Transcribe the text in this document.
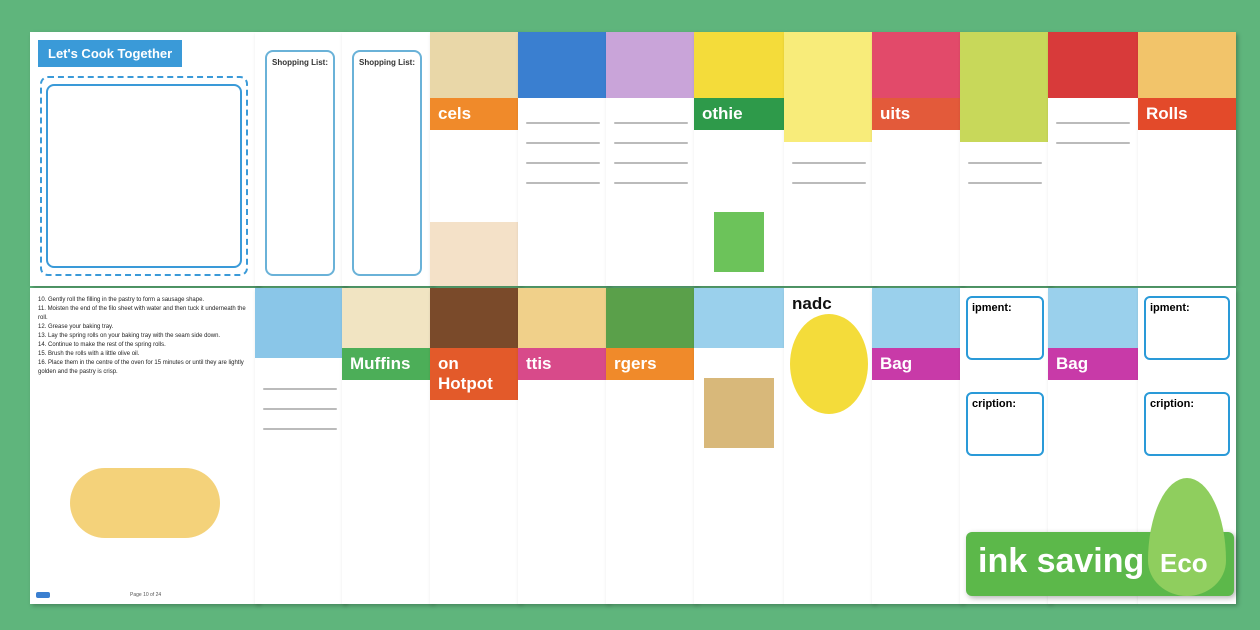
Let's Cook Together
Shopping List:	Shopping List:
cels	othie	uits	Rolls
10. Gently roll the filling in the pastry to form a sausage shape.
11. Moisten the end of the filo sheet with water and then tuck it underneath the roll.
12. Grease your baking tray.
13. Lay the spring rolls on your baking tray with the seam side down.
14. Continue to make the rest of the spring rolls.
15. Brush the rolls with a little olive oil.
16. Place them in the centre of the oven for 15 minutes or until they are lightly golden and the pastry is crisp.
Page 10 of 24
Muffins	on Hotpot
ttis	rgers
nadc
Bag
ipment:
cription:
Bag
ipment:
cription:
ink saving Eco
